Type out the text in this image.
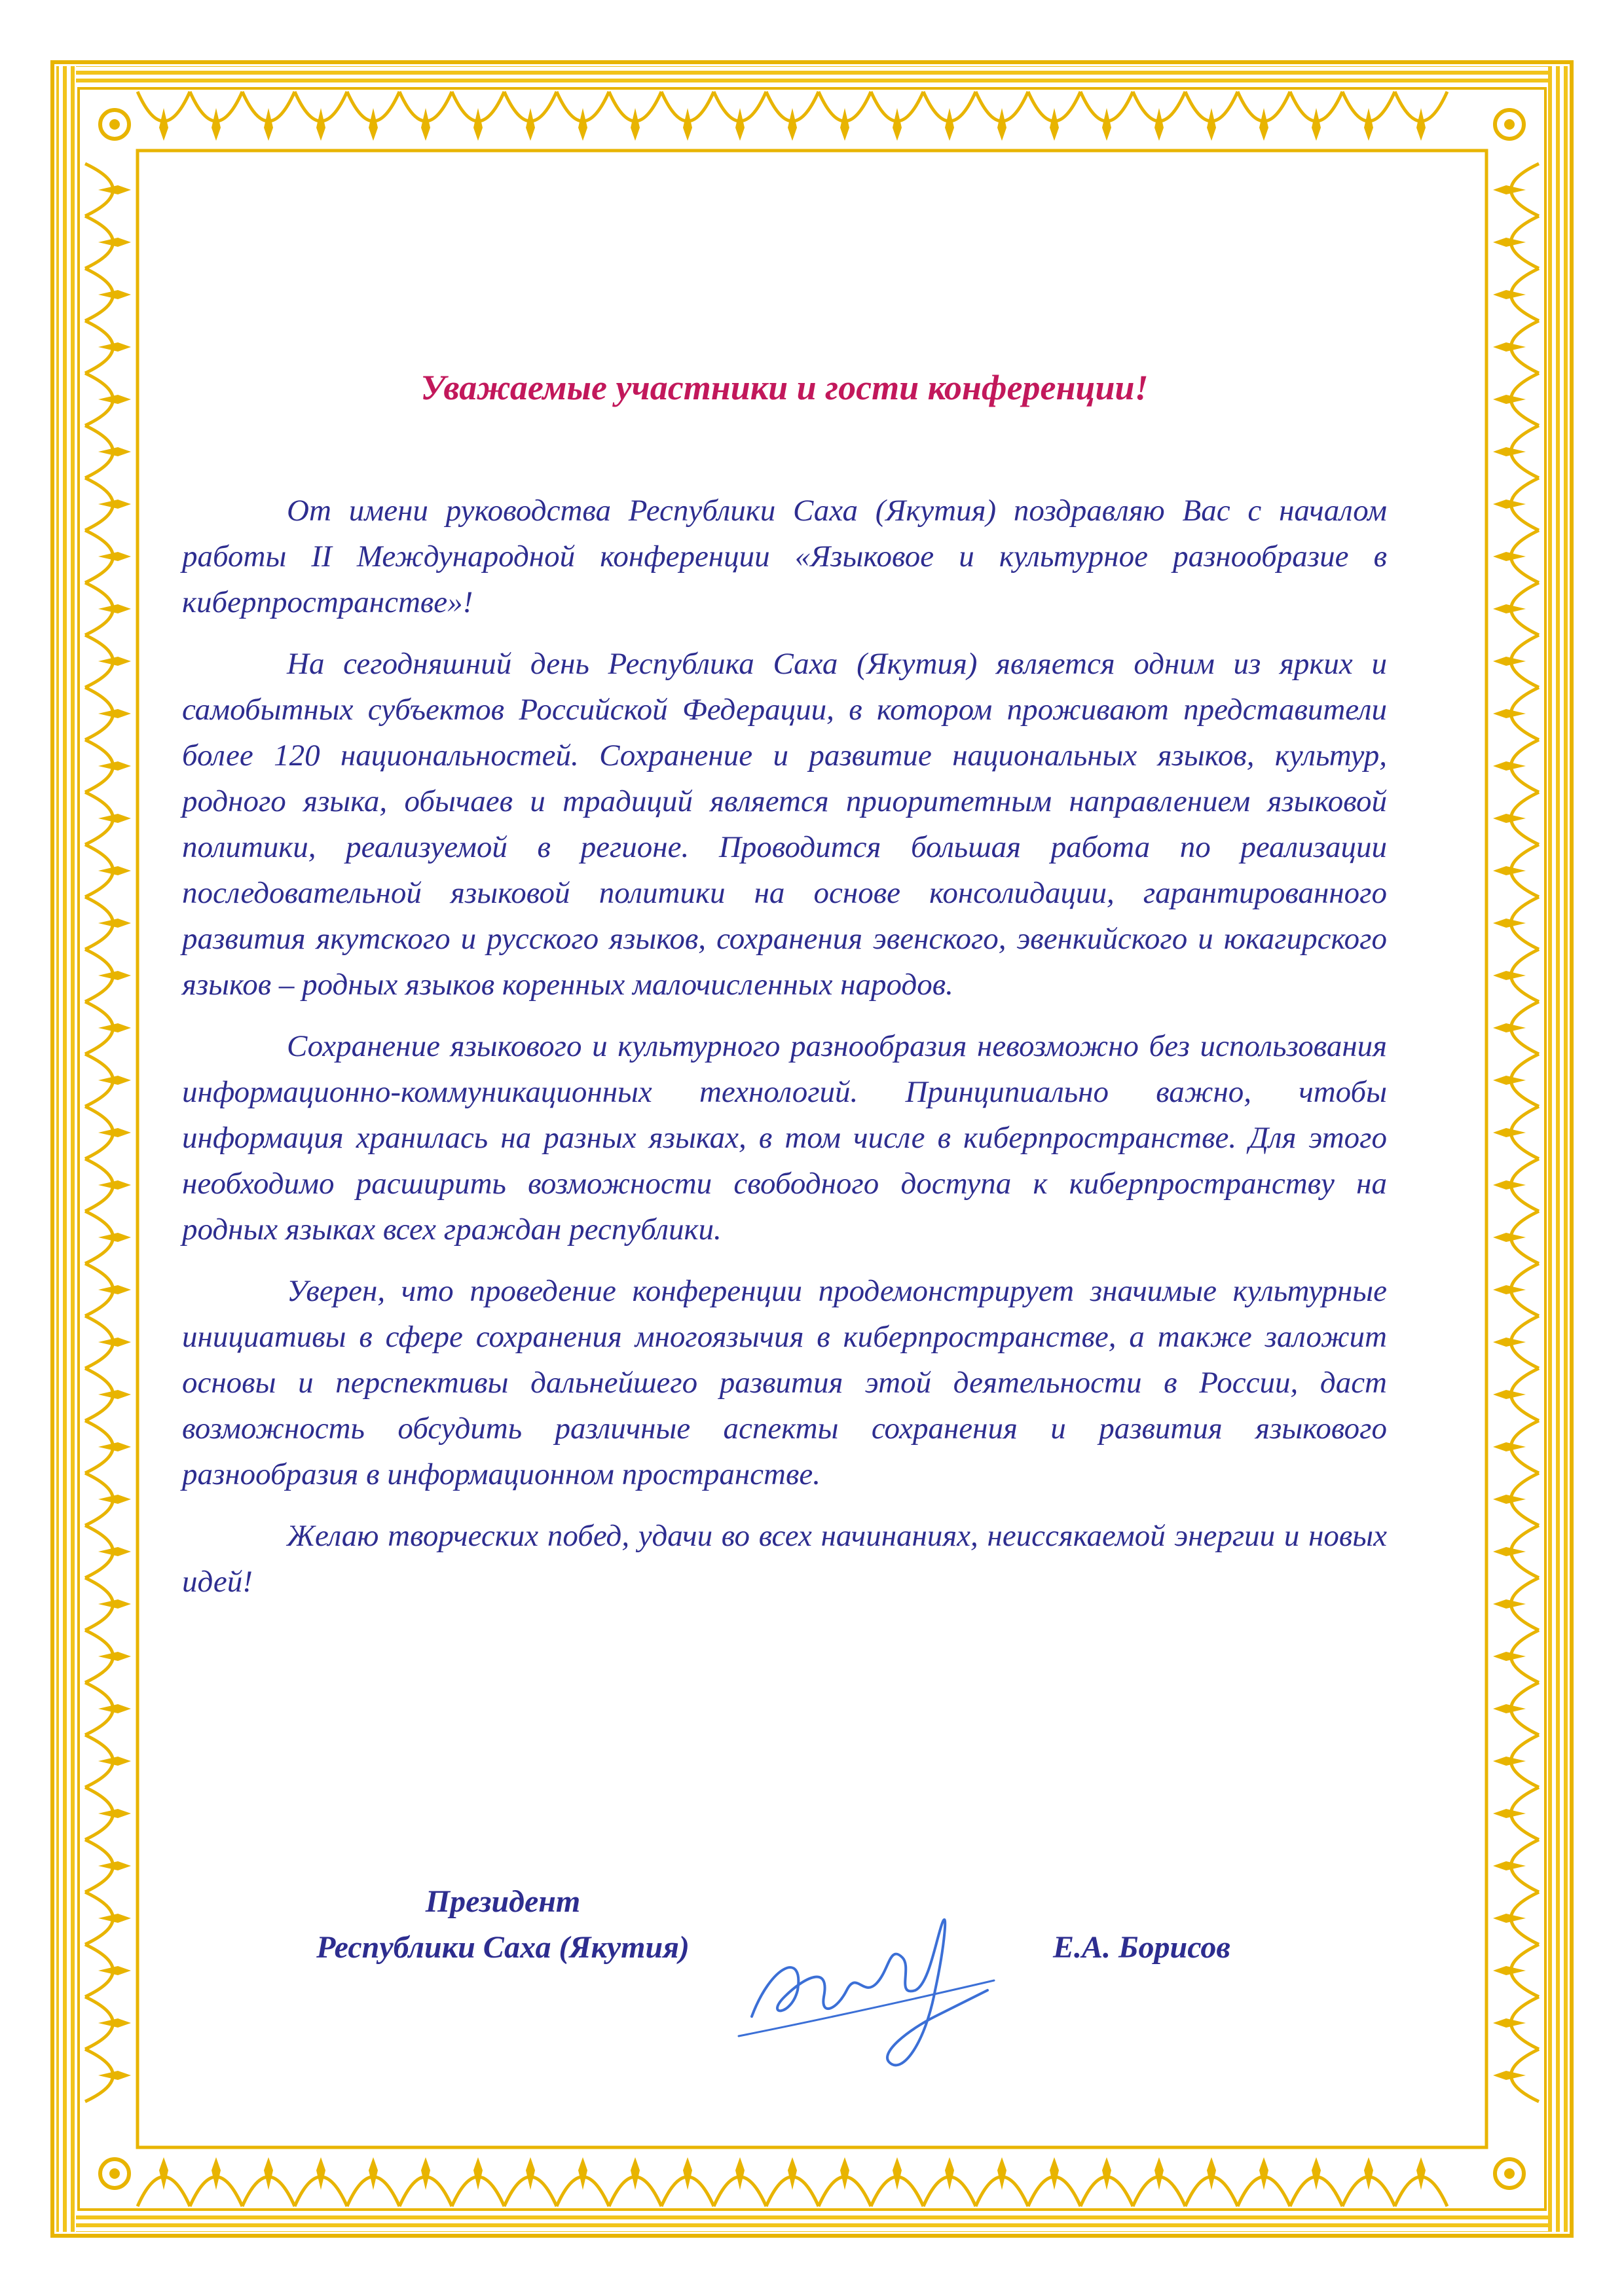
Уважаемые участники и гости конференции!

От имени руководства Республики Саха (Якутия) поздравляю Вас с началом работы II Международной конференции «Языковое и культурное разнообразие в киберпространстве»!

На сегодняшний день Республика Саха (Якутия) является одним из ярких и самобытных субъектов Российской Федерации, в котором проживают представители более 120 национальностей. Сохранение и развитие национальных языков, культур, родного языка, обычаев и традиций является приоритетным направлением языковой политики, реализуемой в регионе. Проводится большая работа по реализации последовательной языковой политики на основе консолидации, гарантированного развития якутского и русского языков, сохранения эвенского, эвенкийского и юкагирского языков – родных языков коренных малочисленных народов.

Сохранение языкового и культурного разнообразия невозможно без использования информационно-коммуникационных технологий. Принципиально важно, чтобы информация хранилась на разных языках, в том числе в киберпространстве. Для этого необходимо расширить возможности свободного доступа к киберпространству на родных языках всех граждан республики.

Уверен, что проведение конференции продемонстрирует значимые культурные инициативы в сфере сохранения многоязычия в киберпространстве, а также заложит основы и перспективы дальнейшего развития этой деятельности в России, даст возможность обсудить различные аспекты сохранения и развития языкового разнообразия в информационном пространстве.

Желаю творческих побед, удачи во всех начинаниях, неиссякаемой энергии и новых идей!

Президент
Республики Саха (Якутия)	Е.А. Борисов
